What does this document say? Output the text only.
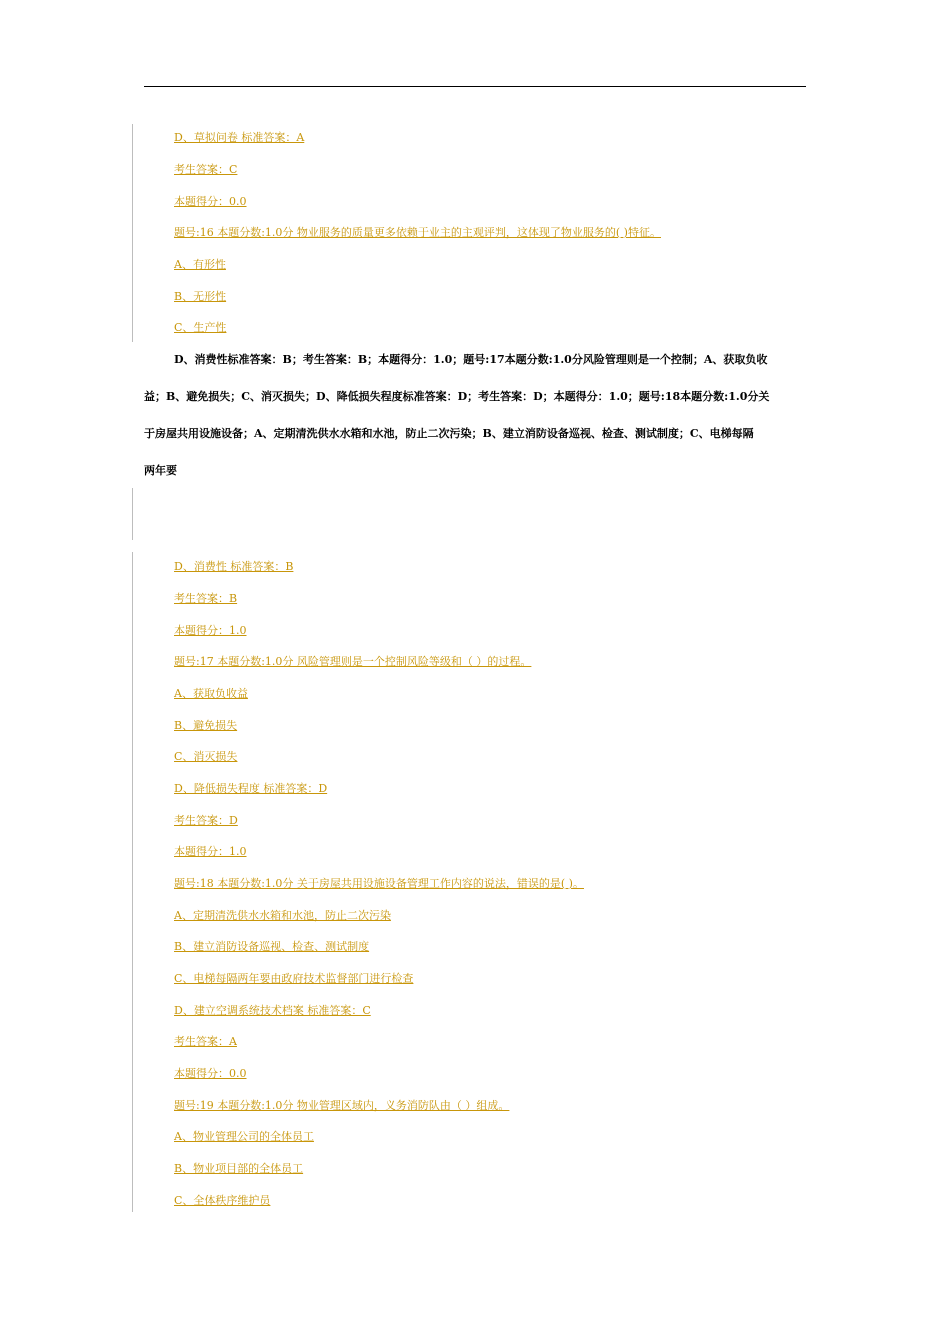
D、草拟问卷 标准答案：A
考生答案：C
本题得分：0.0
题号:16 本题分数:1.0分 物业服务的质量更多依赖于业主的主观评判，这体现了物业服务的( )特征。
A、有形性
B、无形性
C、生产性

D、消费性标准答案：B；考生答案：B；本题得分：1.0；题号:17本题分数:1.0分风险管理则是一个控制；A、获取负收

益；B、避免损失；C、消灭损失；D、降低损失程度标准答案：D；考生答案：D；本题得分：1.0；题号:18本题分数:1.0分关

于房屋共用设施设备；A、定期清洗供水水箱和水池，防止二次污染；B、建立消防设备巡视、检查、测试制度；C、电梯每隔

两年要

D、消费性 标准答案：B
考生答案：B
本题得分：1.0
题号:17 本题分数:1.0分 风险管理则是一个控制风险等级和（ ）的过程。
A、获取负收益
B、避免损失
C、消灭损失
D、降低损失程度 标准答案：D
考生答案：D
本题得分：1.0
题号:18 本题分数:1.0分 关于房屋共用设施设备管理工作内容的说法，错误的是( )。
A、定期清洗供水水箱和水池，防止二次污染
B、建立消防设备巡视、检查、测试制度
C、电梯每隔两年要由政府技术监督部门进行检查
D、建立空调系统技术档案 标准答案：C
考生答案：A
本题得分：0.0
题号:19 本题分数:1.0分 物业管理区域内，义务消防队由（ ）组成。
A、物业管理公司的全体员工
B、物业项目部的全体员工
C、全体秩序维护员
